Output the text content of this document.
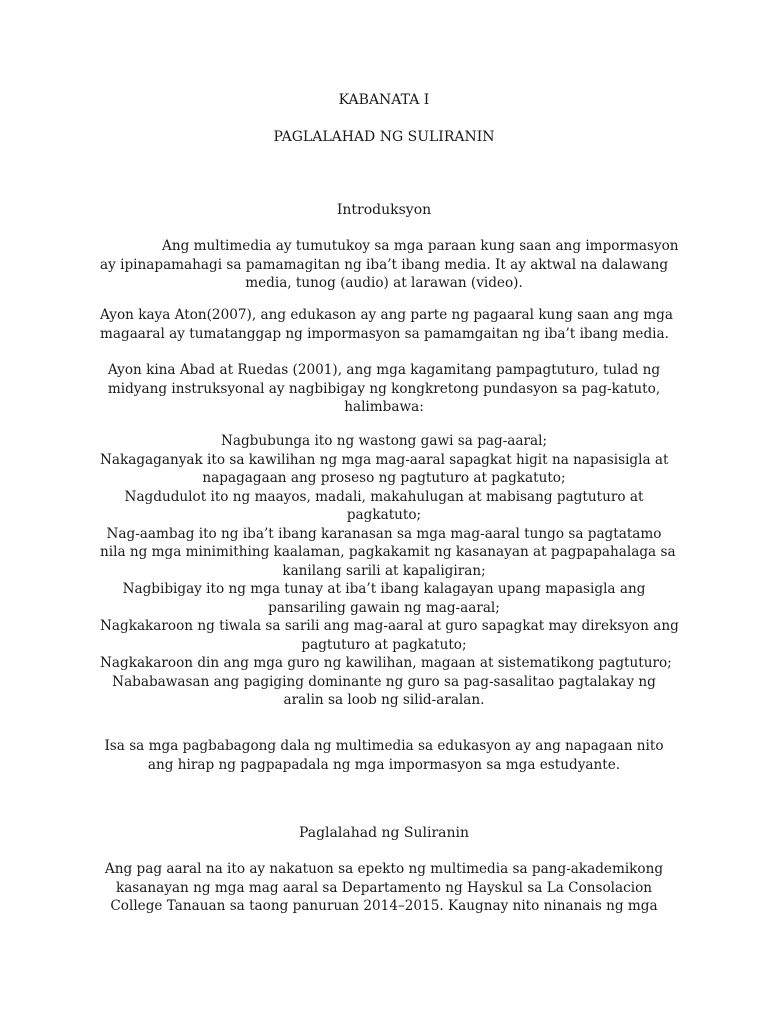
KABANATA I
PAGLALAHAD NG SULIRANIN
Introduksyon
Ang multimedia ay tumutukoy sa mga paraan kung saan ang impormasyon
ay ipinapamahagi sa pamamagitan ng iba’t ibang media. It ay aktwal na dalawang
media, tunog (audio) at larawan (video).
Ayon kaya Aton(2007), ang edukason ay ang parte ng pagaaral kung saan ang mga
magaaral ay tumatanggap ng impormasyon sa pamamgaitan ng iba’t ibang media.
Ayon kina Abad at Ruedas (2001), ang mga kagamitang pampagtuturo, tulad ng
midyang instruksyonal ay nagbibigay ng kongkretong pundasyon sa pag-katuto,
halimbawa:
Nagbubunga ito ng wastong gawi sa pag-aaral;
Nakagaganyak ito sa kawilihan ng mga mag-aaral sapagkat higit na napasisigla at
napagagaan ang proseso ng pagtuturo at pagkatuto;
Nagdudulot ito ng maayos, madali, makahulugan at mabisang pagtuturo at
pagkatuto;
Nag-aambag ito ng iba’t ibang karanasan sa mga mag-aaral tungo sa pagtatamo
nila ng mga minimithing kaalaman, pagkakamit ng kasanayan at pagpapahalaga sa
kanilang sarili at kapaligiran;
Nagbibigay ito ng mga tunay at iba’t ibang kalagayan upang mapasigla ang
pansariling gawain ng mag-aaral;
Nagkakaroon ng tiwala sa sarili ang mag-aaral at guro sapagkat may direksyon ang
pagtuturo at pagkatuto;
Nagkakaroon din ang mga guro ng kawilihan, magaan at sistematikong pagtuturo;
Nababawasan ang pagiging dominante ng guro sa pag-sasalitao pagtalakay ng
aralin sa loob ng silid-aralan.
Isa sa mga pagbabagong dala ng multimedia sa edukasyon ay ang napagaan nito
ang hirap ng pagpapadala ng mga impormasyon sa mga estudyante.
Paglalahad ng Suliranin
Ang pag aaral na ito ay nakatuon sa epekto ng multimedia sa pang-akademikong
kasanayan ng mga mag aaral sa Departamento ng Hayskul sa La Consolacion
College Tanauan sa taong panuruan 2014–2015. Kaugnay nito ninanais ng mga
